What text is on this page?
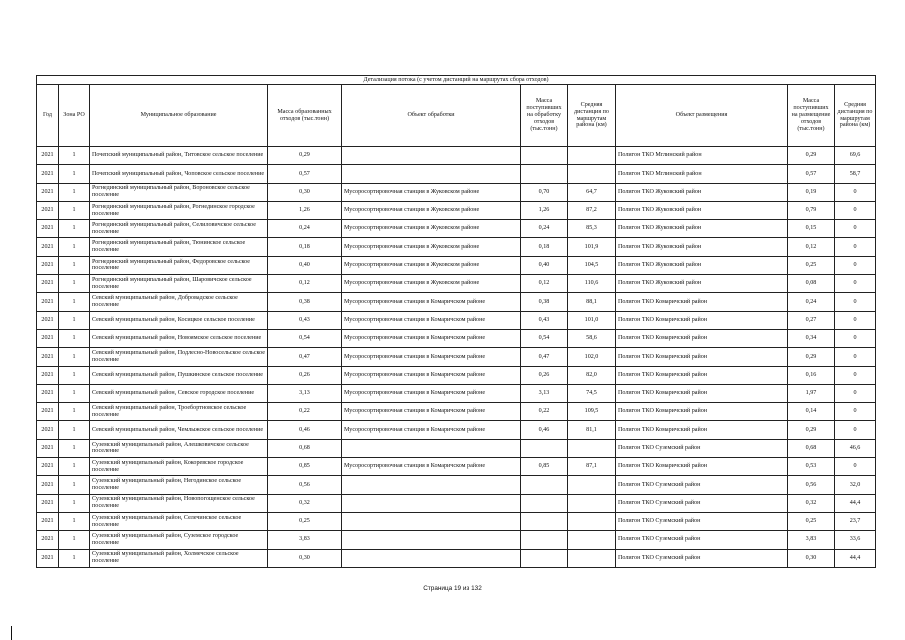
Детализация потока (с учетом дистанций на маршрутах сбора отходов)									
Год	Зона РО	Муниципальное образование	Масса образованных отходов (тыс.тонн)	Объект обработки	Масса поступивших на обработку отходов (тыс.тонн)	Средняя дистанция по маршрутам района (км)	Объект размещения	Масса поступивших на размещение отходов (тыс.тонн)	Средняя дистанция по маршрутам района (км)
2021	1	Почепский муниципальный район, Титовское сельское поселение	0,29				Полигон ТКО Мглинский район	0,29	69,6
2021	1	Почепский муниципальный район, Чоповское сельское поселение	0,57				Полигон ТКО Мглинский район	0,57	58,7
2021	1	Рогнединский муниципальный район, Вороновское сельское поселение	0,30	Мусоросортировочная станция в Жуковском районе	0,70	64,7	Полигон ТКО Жуковский район	0,19	0
2021	1	Рогнединский муниципальный район, Рогнединское городское поселение	1,26	Мусоросортировочная станция в Жуковском районе	1,26	87,2	Полигон ТКО Жуковский район	0,79	0
2021	1	Рогнединский муниципальный район, Селиловичское сельское поселение	0,24	Мусоросортировочная станция в Жуковском районе	0,24	85,3	Полигон ТКО Жуковский район	0,15	0
2021	1	Рогнединский муниципальный район, Тюнинское сельское поселение	0,18	Мусоросортировочная станция в Жуковском районе	0,18	101,9	Полигон ТКО Жуковский район	0,12	0
2021	1	Рогнединский муниципальный район, Федоровское сельское поселение	0,40	Мусоросортировочная станция в Жуковском районе	0,40	104,5	Полигон ТКО Жуковский район	0,25	0
2021	1	Рогнединский муниципальный район, Шаровичское сельское поселение	0,12	Мусоросортировочная станция в Жуковском районе	0,12	110,6	Полигон ТКО Жуковский район	0,08	0
2021	1	Севский муниципальный район, Добровадское сельское поселение	0,38	Мусоросортировочная станция в Комаричском районе	0,38	88,1	Полигон ТКО Комаричский район	0,24	0
2021	1	Севский муниципальный район, Косицкое сельское поселение	0,43	Мусоросортировочная станция в Комаричском районе	0,43	101,0	Полигон ТКО Комаричский район	0,27	0
2021	1	Севский муниципальный район, Новоямское сельское поселение	0,54	Мусоросортировочная станция в Комаричском районе	0,54	58,6	Полигон ТКО Комаричский район	0,34	0
2021	1	Севский муниципальный район, Подлесно-Новосельское сельское поселение	0,47	Мусоросортировочная станция в Комаричском районе	0,47	102,0	Полигон ТКО Комаричский район	0,29	0
2021	1	Севский муниципальный район, Пушкинское сельское поселение	0,26	Мусоросортировочная станция в Комаричском районе	0,26	82,0	Полигон ТКО Комаричский район	0,16	0
2021	1	Севский муниципальный район, Севское городское поселение	3,13	Мусоросортировочная станция в Комаричском районе	3,13	74,5	Полигон ТКО Комаричский район	1,97	0
2021	1	Севский муниципальный район, Троебортновское сельское поселение	0,22	Мусоросортировочная станция в Комаричском районе	0,22	109,5	Полигон ТКО Комаричский район	0,14	0
2021	1	Севский муниципальный район, Чемлыжское сельское поселение	0,46	Мусоросортировочная станция в Комаричском районе	0,46	81,1	Полигон ТКО Комаричский район	0,29	0
2021	1	Суземский муниципальный район, Алешковичское сельское поселение	0,68				Полигон ТКО Суземский район	0,68	46,6
2021	1	Суземский муниципальный район, Кокоревское городское поселение	0,85	Мусоросортировочная станция в Комаричском районе	0,85	87,1	Полигон ТКО Комаричский район	0,53	0
2021	1	Суземский муниципальный район, Негодинское сельское поселение	0,56				Полигон ТКО Суземский район	0,56	32,0
2021	1	Суземский муниципальный район, Новопогощенское сельское поселение	0,32				Полигон ТКО Суземский район	0,32	44,4
2021	1	Суземский муниципальный район, Селечинское сельское поселение	0,25				Полигон ТКО Суземский район	0,25	23,7
2021	1	Суземский муниципальный район, Суземское городское поселение	3,83				Полигон ТКО Суземский район	3,83	33,6
2021	1	Суземский муниципальный район, Холмечское сельское поселение	0,30				Полигон ТКО Суземский район	0,30	44,4
Страница 19 из 132
